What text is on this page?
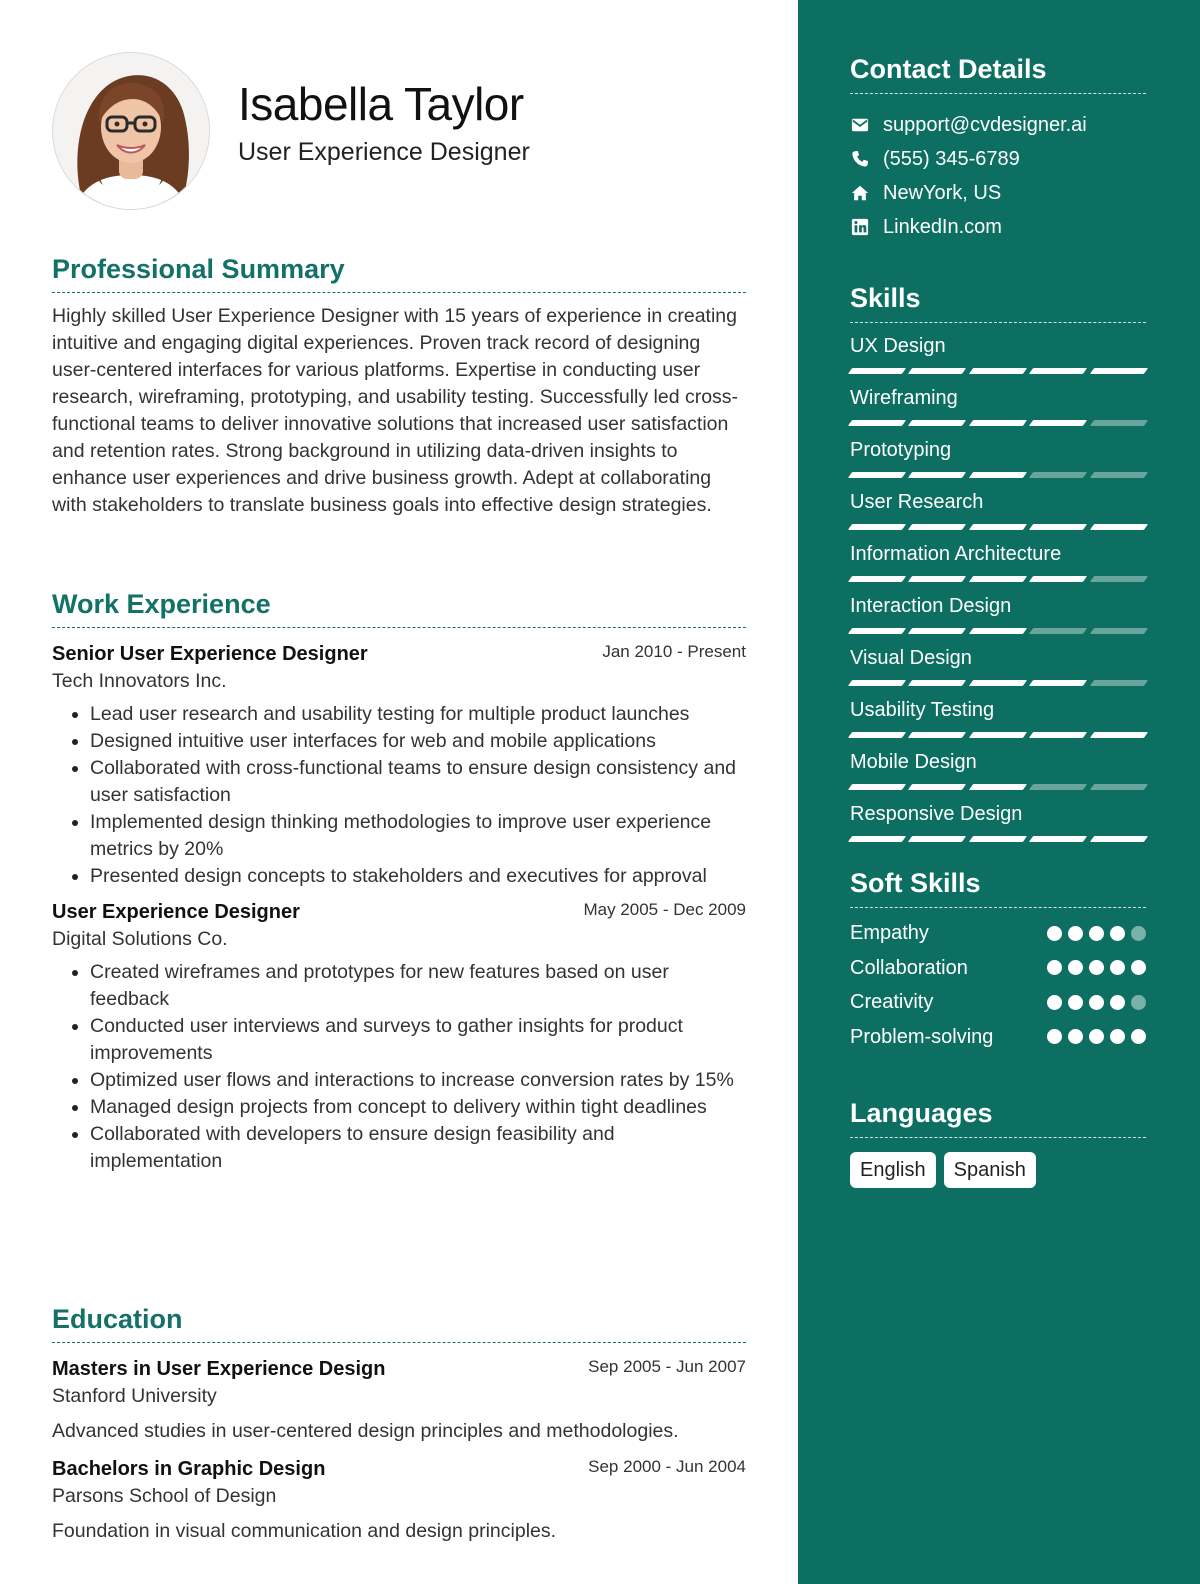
Isabella Taylor
User Experience Designer
Professional Summary

Highly skilled User Experience Designer with 15 years of experience in creating intuitive and engaging digital experiences. Proven track record of designing user-centered interfaces for various platforms. Expertise in conducting user research, wireframing, prototyping, and usability testing. Successfully led cross-functional teams to deliver innovative solutions that increased user satisfaction and retention rates. Strong background in utilizing data-driven insights to enhance user experiences and drive business growth. Adept at collaborating with stakeholders to translate business goals into effective design strategies.

Work Experience
Senior User Experience Designer	Jan 2010 - Present
Tech Innovators Inc.
• Lead user research and usability testing for multiple product launches
• Designed intuitive user interfaces for web and mobile applications
• Collaborated with cross-functional teams to ensure design consistency and user satisfaction
• Implemented design thinking methodologies to improve user experience metrics by 20%
• Presented design concepts to stakeholders and executives for approval
User Experience Designer	May 2005 - Dec 2009
Digital Solutions Co.
• Created wireframes and prototypes for new features based on user feedback
• Conducted user interviews and surveys to gather insights for product improvements
• Optimized user flows and interactions to increase conversion rates by 15%
• Managed design projects from concept to delivery within tight deadlines
• Collaborated with developers to ensure design feasibility and implementation
Education
Masters in User Experience Design	Sep 2005 - Jun 2007
Stanford University
Advanced studies in user-centered design principles and methodologies.
Bachelors in Graphic Design	Sep 2000 - Jun 2004
Parsons School of Design
Foundation in visual communication and design principles.
Contact Details
support@cvdesigner.ai
(555) 345-6789
NewYork, US
LinkedIn.com
Skills
UX Design
Wireframing
Prototyping
User Research
Information Architecture
Interaction Design
Visual Design
Usability Testing
Mobile Design
Responsive Design
Soft Skills
Empathy
Collaboration
Creativity
Problem-solving
Languages
English	Spanish
